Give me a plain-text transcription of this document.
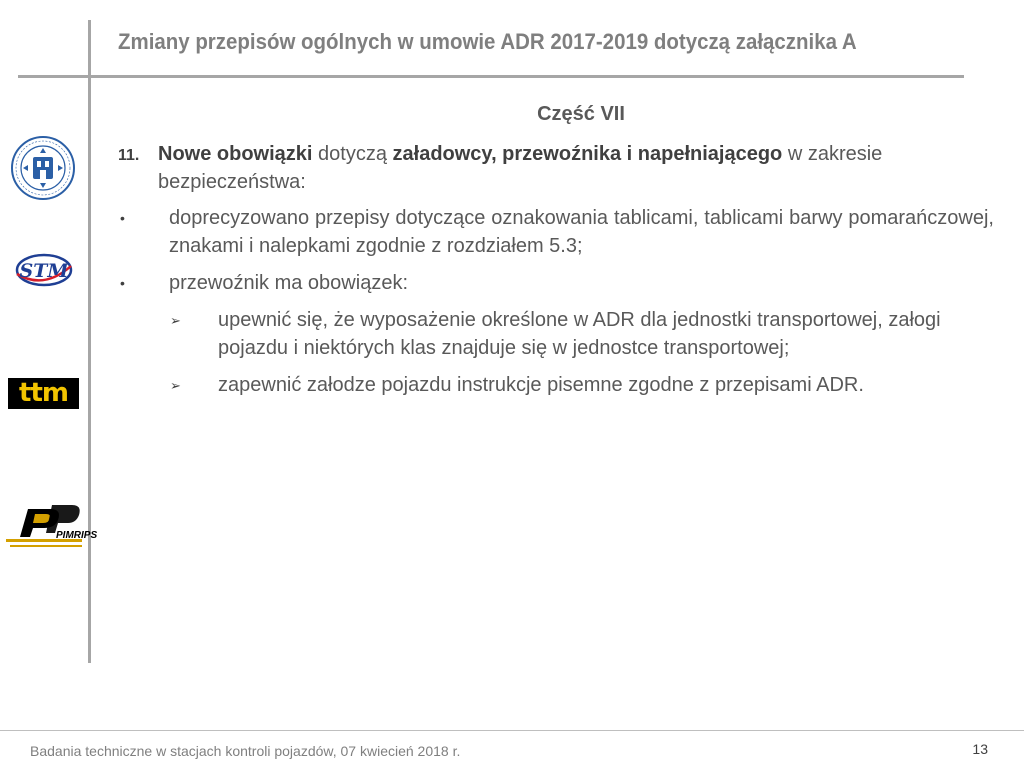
Zmiany przepisów ogólnych w umowie ADR 2017-2019 dotyczą załącznika A
STM
ttm
PIMRIPS
Część VII
11. Nowe obowiązki dotyczą załadowcy, przewoźnika i napełniającego w zakresie bezpieczeństwa:
• doprecyzowano przepisy dotyczące oznakowania tablicami, tablicami barwy pomarańczowej, znakami i nalepkami zgodnie z rozdziałem 5.3;
• przewoźnik ma obowiązek:
➢ upewnić się, że wyposażenie określone w ADR dla jednostki transportowej, załogi pojazdu i niektórych klas znajduje się w jednostce transportowej;
➢ zapewnić załodze pojazdu instrukcje pisemne zgodne z przepisami ADR.
Badania techniczne w stacjach kontroli pojazdów, 07 kwiecień 2018 r.	13
